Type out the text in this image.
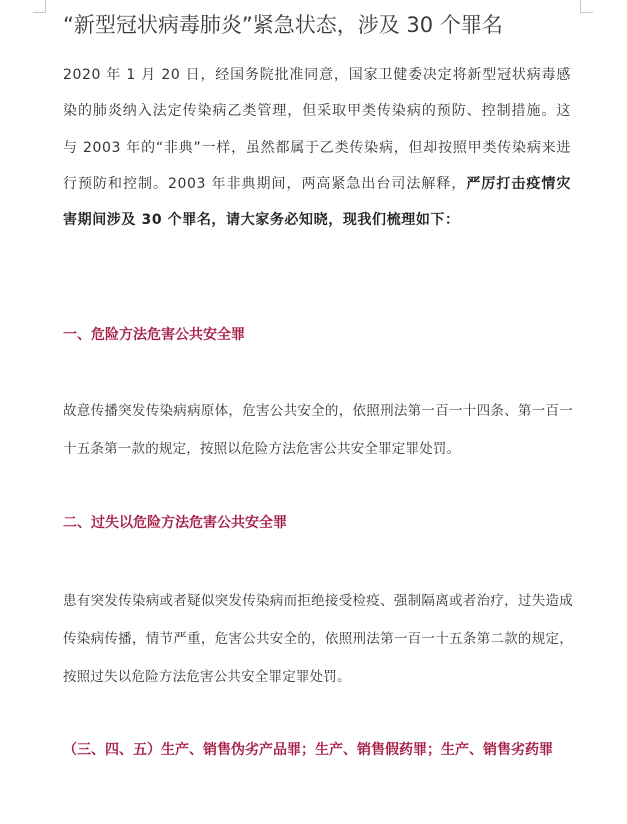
“新型冠状病毒肺炎”紧急状态，涉及 30 个罪名
2020 年 1 月 20 日，经国务院批准同意，国家卫健委决定将新型冠状病毒感染的肺炎纳入法定传染病乙类管理，但采取甲类传染病的预防、控制措施。这与 2003 年的“非典”一样，虽然都属于乙类传染病，但却按照甲类传染病来进行预防和控制。2003 年非典期间，两高紧急出台司法解释，严厉打击疫情灾害期间涉及 30 个罪名，请大家务必知晓，现我们梳理如下：
一、危险方法危害公共安全罪
故意传播突发传染病病原体，危害公共安全的，依照刑法第一百一十四条、第一百一十五条第一款的规定，按照以危险方法危害公共安全罪定罪处罚。
二、过失以危险方法危害公共安全罪
患有突发传染病或者疑似突发传染病而拒绝接受检疫、强制隔离或者治疗，过失造成传染病传播，情节严重，危害公共安全的，依照刑法第一百一十五条第二款的规定，按照过失以危险方法危害公共安全罪定罪处罚。
（三、四、五）生产、销售伪劣产品罪；生产、销售假药罪；生产、销售劣药罪
